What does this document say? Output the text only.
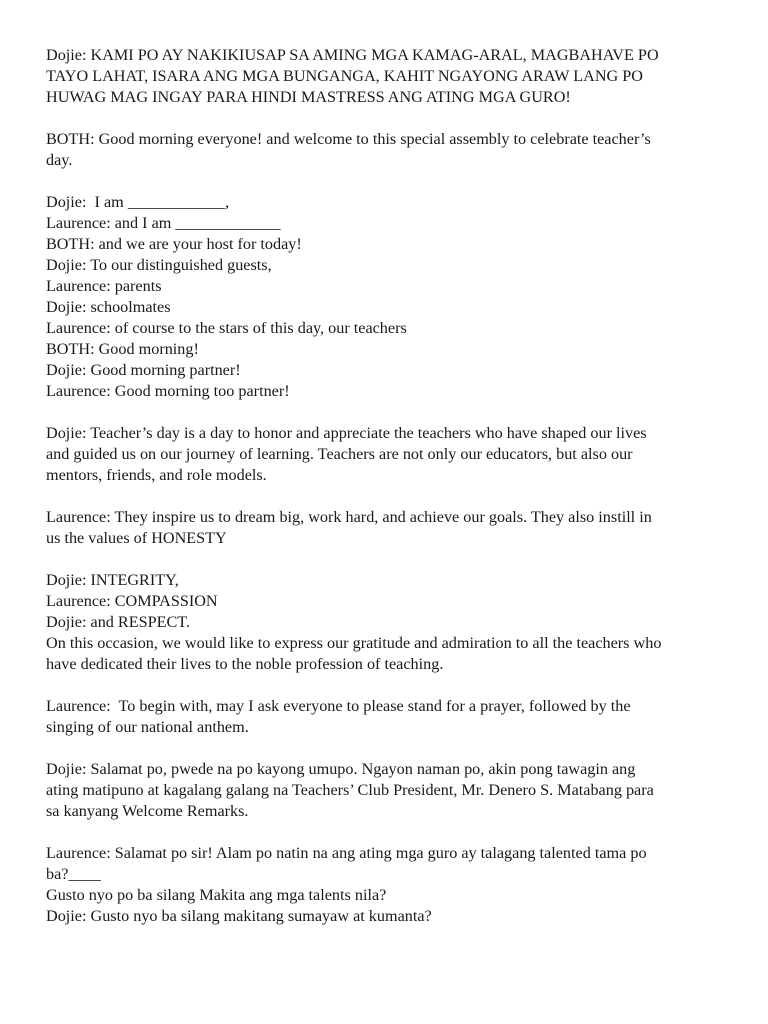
Dojie: KAMI PO AY NAKIKIUSAP SA AMING MGA KAMAG-ARAL, MAGBAHAVE PO
TAYO LAHAT, ISARA ANG MGA BUNGANGA, KAHIT NGAYONG ARAW LANG PO
HUWAG MAG INGAY PARA HINDI MASTRESS ANG ATING MGA GURO!

BOTH: Good morning everyone! and welcome to this special assembly to celebrate teacher’s
day.

Dojie:  I am ____________,
Laurence: and I am _____________
BOTH: and we are your host for today!
Dojie: To our distinguished guests,
Laurence: parents
Dojie: schoolmates
Laurence: of course to the stars of this day, our teachers
BOTH: Good morning!
Dojie: Good morning partner!
Laurence: Good morning too partner!

Dojie: Teacher’s day is a day to honor and appreciate the teachers who have shaped our lives
and guided us on our journey of learning. Teachers are not only our educators, but also our
mentors, friends, and role models.

Laurence: They inspire us to dream big, work hard, and achieve our goals. They also instill in
us the values of HONESTY

Dojie: INTEGRITY,
Laurence: COMPASSION
Dojie: and RESPECT.
On this occasion, we would like to express our gratitude and admiration to all the teachers who
have dedicated their lives to the noble profession of teaching.

Laurence:  To begin with, may I ask everyone to please stand for a prayer, followed by the
singing of our national anthem.

Dojie: Salamat po, pwede na po kayong umupo. Ngayon naman po, akin pong tawagin ang
ating matipuno at kagalang galang na Teachers’ Club President, Mr. Denero S. Matabang para
sa kanyang Welcome Remarks.

Laurence: Salamat po sir! Alam po natin na ang ating mga guro ay talagang talented tama po
ba?____
Gusto nyo po ba silang Makita ang mga talents nila?
Dojie: Gusto nyo ba silang makitang sumayaw at kumanta?
